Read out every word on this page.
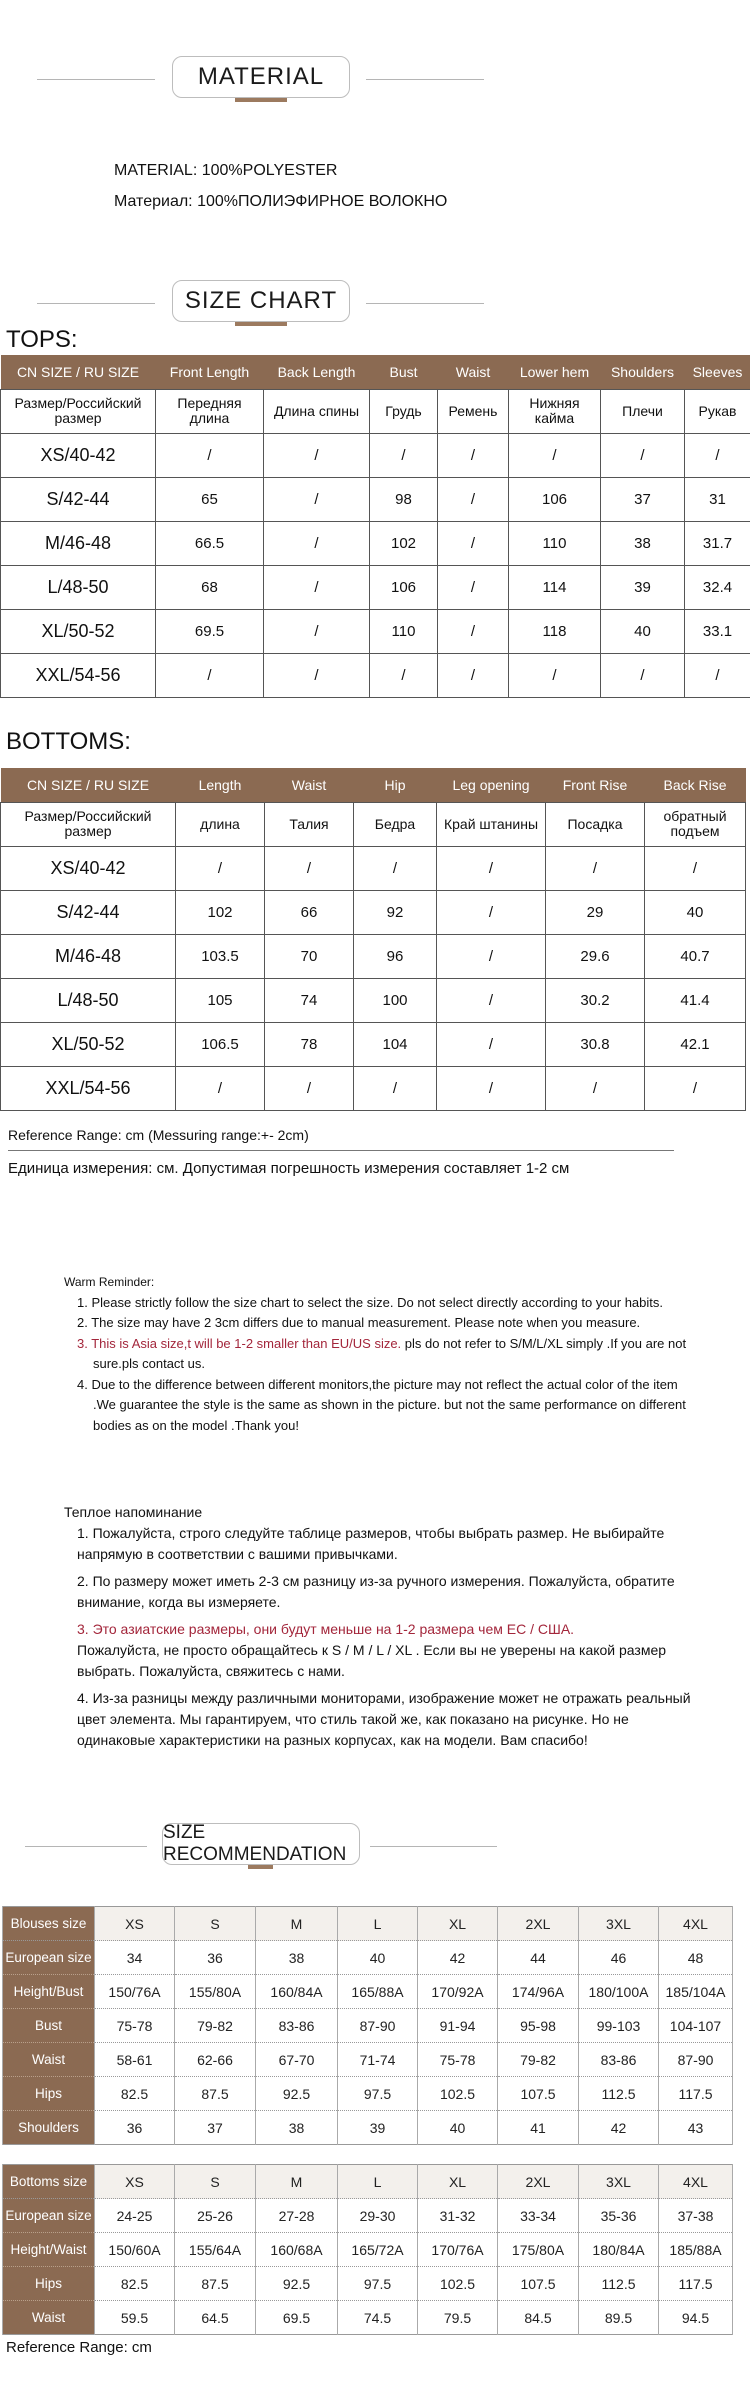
MATERIAL
MATERIAL: 100%POLYESTER
Материал: 100%ПОЛИЭФИРНОЕ ВОЛОКНО
SIZE CHART
TOPS:
CN SIZE / RU SIZE	Front Length	Back Length	Bust	Waist	Lower hem	Shoulders	Sleeves
Размер/Российский размер	Передняя длина	Длина спины	Грудь	Ремень	Нижняя кайма	Плечи	Рукав
XS/40-42	/	/	/	/	/	/	/
S/42-44	65	/	98	/	106	37	31
M/46-48	66.5	/	102	/	110	38	31.7
L/48-50	68	/	106	/	114	39	32.4
XL/50-52	69.5	/	110	/	118	40	33.1
XXL/54-56	/	/	/	/	/	/	/
BOTTOMS:
CN SIZE / RU SIZE	Length	Waist	Hip	Leg opening	Front Rise	Back Rise
Размер/Российский размер	длина	Талия	Бедра	Край штанины	Посадка	обратный подъем
XS/40-42	/	/	/	/	/	/
S/42-44	102	66	92	/	29	40
M/46-48	103.5	70	96	/	29.6	40.7
L/48-50	105	74	100	/	30.2	41.4
XL/50-52	106.5	78	104	/	30.8	42.1
XXL/54-56	/	/	/	/	/	/
Reference Range: cm (Messuring range:+- 2cm)
Единица измерения: см. Допустимая погрешность измерения составляет 1-2 см
Warm Reminder:
1. Please strictly follow the size chart to select the size. Do not select directly according to your habits.
2. The size may have 2 3cm differs due to manual measurement. Please note when you measure.
3. This is Asia size,t will be 1-2 smaller than EU/US size. pls do not refer to S/M/L/XL simply .If you are not sure.pls contact us.
4. Due to the difference between different monitors,the picture may not reflect the actual color of the item .We guarantee the style is the same as shown in the picture. but not the same performance on different bodies as on the model .Thank you!
Теплое напоминание
1. Пожалуйста, строго следуйте таблице размеров, чтобы выбрать размер. Не выбирайте напрямую в соответствии с вашими привычками.
2. По размеру может иметь 2-3 см разницу из-за ручного измерения. Пожалуйста, обратите внимание, когда вы измеряете.
3. Это азиатские размеры, они будут меньше на 1-2 размера чем ЕС / США.
Пожалуйста, не просто обращайтесь к S / M / L / XL . Если вы не уверены на какой размер выбрать. Пожалуйста, свяжитесь с нами.
4. Из-за разницы между различными мониторами, изображение может не отражать реальный цвет элемента. Мы гарантируем, что стиль такой же, как показано на рисунке. Но не одинаковые характеристики на разных корпусах, как на модели. Вам спасибо!
SIZE RECOMMENDATION
Blouses size	XS	S	M	L	XL	2XL	3XL	4XL
European size	34	36	38	40	42	44	46	48
Height/Bust	150/76A	155/80A	160/84A	165/88A	170/92A	174/96A	180/100A	185/104A
Bust	75-78	79-82	83-86	87-90	91-94	95-98	99-103	104-107
Waist	58-61	62-66	67-70	71-74	75-78	79-82	83-86	87-90
Hips	82.5	87.5	92.5	97.5	102.5	107.5	112.5	117.5
Shoulders	36	37	38	39	40	41	42	43
Bottoms size	XS	S	M	L	XL	2XL	3XL	4XL
European size	24-25	25-26	27-28	29-30	31-32	33-34	35-36	37-38
Height/Waist	150/60A	155/64A	160/68A	165/72A	170/76A	175/80A	180/84A	185/88A
Hips	82.5	87.5	92.5	97.5	102.5	107.5	112.5	117.5
Waist	59.5	64.5	69.5	74.5	79.5	84.5	89.5	94.5
Reference Range: cm
